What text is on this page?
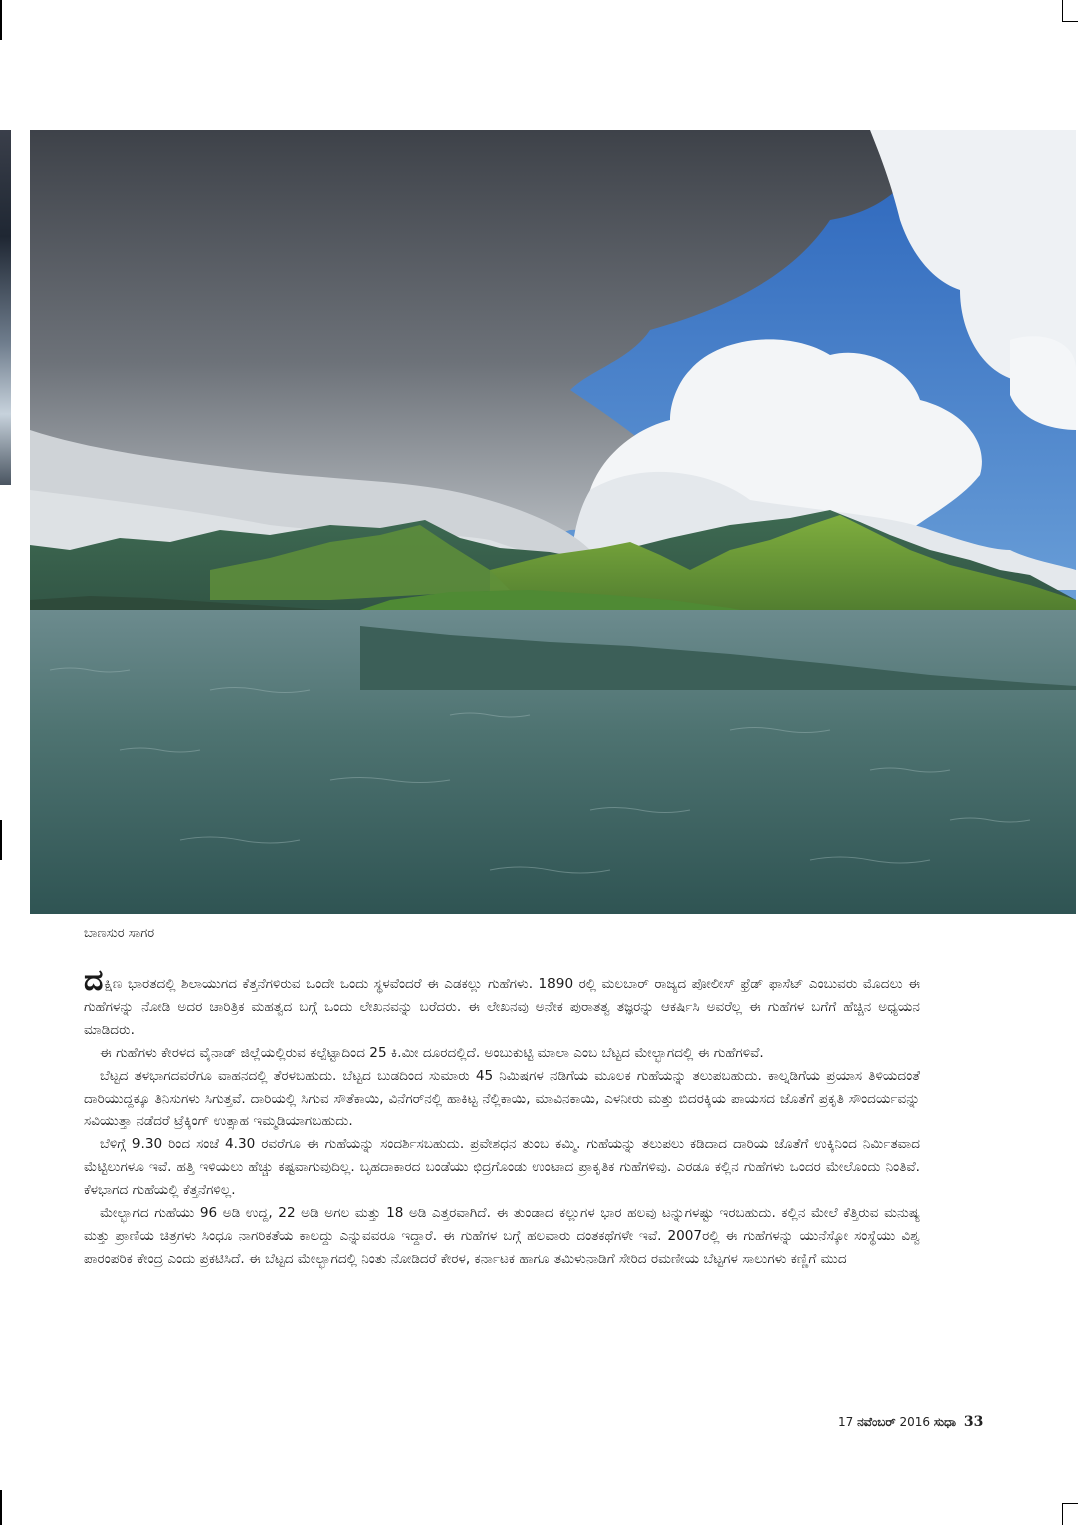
ಬಾಣಸುರ ಸಾಗರ

ದಕ್ಷಿಣ ಭಾರತದಲ್ಲಿ ಶಿಲಾಯುಗದ ಕೆತ್ತನೆಗಳಿರುವ ಒಂದೇ ಒಂದು ಸ್ಥಳವೆಂದರೆ ಈ ಎಡಕಲ್ಲು ಗುಹೆಗಳು. 1890 ರಲ್ಲಿ ಮಲಬಾರ್ ರಾಜ್ಯದ ಪೋಲೀಸ್ ಫ್ರೆಡ್ ಫಾಸೆಟ್ ಎಂಬುವರು ಮೊದಲು ಈ ಗುಹೆಗಳನ್ನು ನೋಡಿ ಅದರ ಚಾರಿತ್ರಿಕ ಮಹತ್ವದ ಬಗ್ಗೆ ಒಂದು ಲೇಖನವನ್ನು ಬರೆದರು. ಈ ಲೇಖನವು ಅನೇಕ ಪುರಾತತ್ವ ತಜ್ಞರನ್ನು ಆಕರ್ಷಿಸಿ ಅವರೆಲ್ಲ ಈ ಗುಹೆಗಳ ಬಗೆಗೆ ಹೆಚ್ಚಿನ ಅಧ್ಯಯನ ಮಾಡಿದರು.

ಈ ಗುಹೆಗಳು ಕೇರಳದ ವೈನಾಡ್ ಜಿಲ್ಲೆಯಲ್ಲಿರುವ ಕಲ್ಪೆಟ್ಟಾದಿಂದ 25 ಕಿ.ಮೀ ದೂರದಲ್ಲಿದೆ. ಅಂಬುಕುಟ್ಟಿ ಮಾಲಾ ಎಂಬ ಬೆಟ್ಟದ ಮೇಲ್ಭಾಗದಲ್ಲಿ ಈ ಗುಹೆಗಳಿವೆ.

ಬೆಟ್ಟದ ತಳಭಾಗದವರೆಗೂ ವಾಹನದಲ್ಲಿ ತೆರಳಬಹುದು. ಬೆಟ್ಟದ ಬುಡದಿಂದ ಸುಮಾರು 45 ನಿಮಿಷಗಳ ನಡಿಗೆಯ ಮೂಲಕ ಗುಹೆಯನ್ನು ತಲುಪಬಹುದು. ಕಾಲ್ನಡಿಗೆಯ ಪ್ರಯಾಸ ತಿಳಿಯದಂತೆ ದಾರಿಯುದ್ದಕ್ಕೂ ತಿನಿಸುಗಳು ಸಿಗುತ್ತವೆ. ದಾರಿಯಲ್ಲಿ ಸಿಗುವ ಸೌತೆಕಾಯಿ, ವಿನೆಗರ್‌ನಲ್ಲಿ ಹಾಕಿಟ್ಟ ನೆಲ್ಲಿಕಾಯಿ, ಮಾವಿನಕಾಯಿ, ಎಳನೀರು ಮತ್ತು ಬಿದರಕ್ಕಿಯ ಪಾಯಸದ ಜೊತೆಗೆ ಪ್ರಕೃತಿ ಸೌಂದರ್ಯವನ್ನು ಸವಿಯುತ್ತಾ ನಡೆದರೆ ಟ್ರೆಕ್ಕಿಂಗ್ ಉತ್ಸಾಹ ಇಮ್ಮಡಿಯಾಗಬಹುದು.

ಬೆಳಿಗ್ಗೆ 9.30 ರಿಂದ ಸಂಜೆ 4.30 ರವರೆಗೂ ಈ ಗುಹೆಯನ್ನು ಸಂದರ್ಶಿಸಬಹುದು. ಪ್ರವೇಶಧನ ತುಂಬ ಕಮ್ಮಿ. ಗುಹೆಯನ್ನು ತಲುಪಲು ಕಡಿದಾದ ದಾರಿಯ ಜೊತೆಗೆ ಉಕ್ಕಿನಿಂದ ನಿರ್ಮಿತವಾದ ಮೆಟ್ಟಿಲುಗಳೂ ಇವೆ. ಹತ್ತಿ ಇಳಿಯಲು ಹೆಚ್ಚು ಕಷ್ಟವಾಗುವುದಿಲ್ಲ. ಬೃಹದಾಕಾರದ ಬಂಡೆಯು ಛಿದ್ರಗೊಂಡು ಉಂಟಾದ ಪ್ರಾಕೃತಿಕ ಗುಹೆಗಳಿವು. ಎರಡೂ ಕಲ್ಲಿನ ಗುಹೆಗಳು ಒಂದರ ಮೇಲೊಂದು ನಿಂತಿವೆ. ಕೆಳಭಾಗದ ಗುಹೆಯಲ್ಲಿ ಕೆತ್ತನೆಗಳಿಲ್ಲ.

ಮೇಲ್ಭಾಗದ ಗುಹೆಯು 96 ಅಡಿ ಉದ್ದ, 22 ಅಡಿ ಅಗಲ ಮತ್ತು 18 ಅಡಿ ಎತ್ತರವಾಗಿದೆ. ಈ ತುಂಡಾದ ಕಲ್ಲುಗಳ ಭಾರ ಹಲವು ಟನ್ನುಗಳಷ್ಟು ಇರಬಹುದು. ಕಲ್ಲಿನ ಮೇಲೆ ಕೆತ್ತಿರುವ ಮನುಷ್ಯ ಮತ್ತು ಪ್ರಾಣಿಯ ಚಿತ್ರಗಳು ಸಿಂಧೂ ನಾಗರಿಕತೆಯ ಕಾಲದ್ದು ಎನ್ನುವವರೂ ಇದ್ದಾರೆ. ಈ ಗುಹೆಗಳ ಬಗ್ಗೆ ಹಲವಾರು ದಂತಕಥೆಗಳೇ ಇವೆ. 2007ರಲ್ಲಿ ಈ ಗುಹೆಗಳನ್ನು ಯುನೆಸ್ಕೋ ಸಂಸ್ಥೆಯು ವಿಶ್ವ ಪಾರಂಪರಿಕ ಕೇಂದ್ರ ಎಂದು ಪ್ರಕಟಿಸಿದೆ. ಈ ಬೆಟ್ಟದ ಮೇಲ್ಭಾಗದಲ್ಲಿ ನಿಂತು ನೋಡಿದರೆ ಕೇರಳ, ಕರ್ನಾಟಕ ಹಾಗೂ ತಮಿಳುನಾಡಿಗೆ ಸೇರಿದ ರಮಣೀಯ ಬೆಟ್ಟಗಳ ಸಾಲುಗಳು ಕಣ್ಣಿಗೆ ಮುದ

17 ನವೆಂಬರ್ 2016 ಸುಧಾ 33
